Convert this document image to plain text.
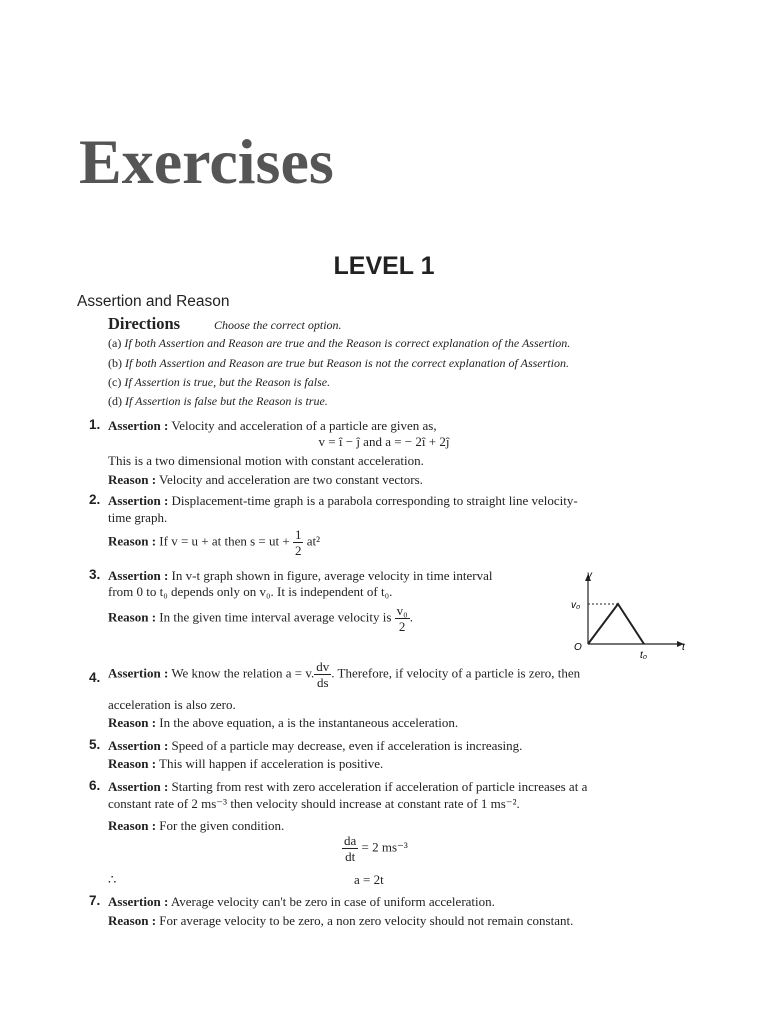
Exercises
LEVEL 1
Assertion and Reason
Directions	Choose the correct option.
(a) If both Assertion and Reason are true and the Reason is correct explanation of the Assertion.
(b) If both Assertion and Reason are true but Reason is not the correct explanation of Assertion.
(c) If Assertion is true, but the Reason is false.
(d) If Assertion is false but the Reason is true.
1. Assertion : Velocity and acceleration of a particle are given as,
v = î − ĵ and a = − 2î + 2ĵ
This is a two dimensional motion with constant acceleration.
Reason : Velocity and acceleration are two constant vectors.
2. Assertion : Displacement-time graph is a parabola corresponding to straight line velocity-
time graph.
Reason : If v = u + at then s = ut + $\frac{1}{2} at^2$
3. Assertion : In v-t graph shown in figure, average velocity in time interval
from 0 to t₀ depends only on v₀. It is independent of t₀.
Reason : In the given time interval average velocity is $\frac{\text{v₀}}{2}$ .
v
t
O
v₀
t₀
4. Assertion : We know the relation a = v. $\frac{dv}{ds}$ . Therefore, if velocity of a particle is zero, then
acceleration is also zero.
Reason : In the above equation, a is the instantaneous acceleration.
5. Assertion : Speed of a particle may decrease, even if acceleration is increasing.
Reason : This will happen if acceleration is positive.
6. Assertion : Starting from rest with zero acceleration if acceleration of particle increases at a
constant rate of 2 ms⁻³ then velocity should increase at constant rate of 1 ms⁻².
Reason : For the given condition.
$\frac{da}{dt} = 2$ ms⁻³
∴	a = 2t
7. Assertion : Average velocity can't be zero in case of uniform acceleration.
Reason : For average velocity to be zero, a non zero velocity should not remain constant.
